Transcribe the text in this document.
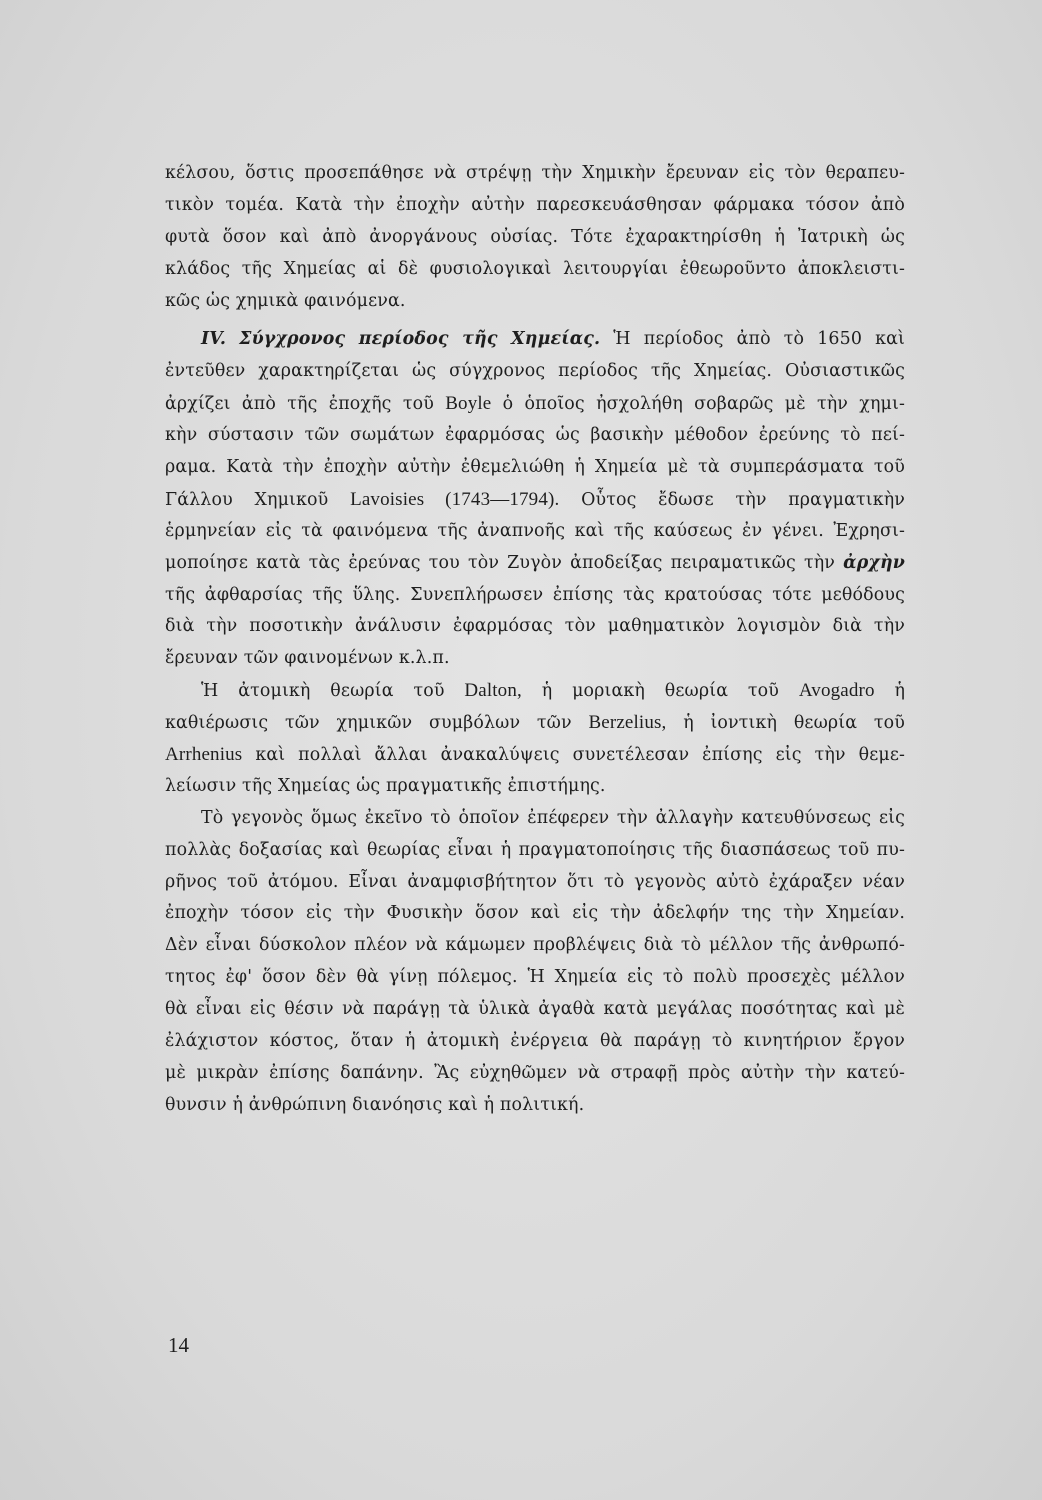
κέλσου, ὅστις προσεπάθησε νὰ στρέψῃ τὴν Χημικὴν ἔρευναν εἰς τὸν θεραπευ-
τικὸν τομέα. Κατὰ τὴν ἐποχὴν αὐτὴν παρεσκευάσθησαν φάρμακα τόσον ἀπὸ
φυτὰ ὅσον καὶ ἀπὸ ἀνοργάνους οὐσίας. Τότε ἐχαρακτηρίσθη ἡ Ἰατρικὴ ὡς
κλάδος τῆς Χημείας αἱ δὲ φυσιολογικαὶ λειτουργίαι ἐθεωροῦντο ἀποκλειστι-
κῶς ὡς χημικὰ φαινόμενα.
IV. Σύγχρονος περίοδος τῆς Χημείας. Ἡ περίοδος ἀπὸ τὸ 1650 καὶ
ἐντεῦθεν χαρακτηρίζεται ὡς σύγχρονος περίοδος τῆς Χημείας. Οὐσιαστικῶς
ἀρχίζει ἀπὸ τῆς ἐποχῆς τοῦ Boyle ὁ ὁποῖος ἠσχολήθη σοβαρῶς μὲ τὴν χημι-
κὴν σύστασιν τῶν σωμάτων ἐφαρμόσας ὡς βασικὴν μέθοδον ἐρεύνης τὸ πεί-
ραμα. Κατὰ τὴν ἐποχὴν αὐτὴν ἐθεμελιώθη ἡ Χημεία μὲ τὰ συμπεράσματα τοῦ
Γάλλου Χημικοῦ Lavoisies (1743—1794). Οὗτος ἔδωσε τὴν πραγματικὴν
ἑρμηνείαν εἰς τὰ φαινόμενα τῆς ἀναπνοῆς καὶ τῆς καύσεως ἐν γένει. Ἐχρησι-
μοποίησε κατὰ τὰς ἐρεύνας του τὸν Ζυγὸν ἀποδείξας πειραματικῶς τὴν ἀρχὴν
τῆς ἀφθαρσίας τῆς ὕλης. Συνεπλήρωσεν ἐπίσης τὰς κρατούσας τότε μεθόδους
διὰ τὴν ποσοτικὴν ἀνάλυσιν ἐφαρμόσας τὸν μαθηματικὸν λογισμὸν διὰ τὴν
ἔρευναν τῶν φαινομένων κ.λ.π.
Ἡ ἀτομικὴ θεωρία τοῦ Dalton, ἡ μοριακὴ θεωρία τοῦ Avogadro ἡ
καθιέρωσις τῶν χημικῶν συμβόλων τῶν Berzelius, ἡ ἰοντικὴ θεωρία τοῦ
Arrhenius καὶ πολλαὶ ἄλλαι ἀνακαλύψεις συνετέλεσαν ἐπίσης εἰς τὴν θεμε-
λείωσιν τῆς Χημείας ὡς πραγματικῆς ἐπιστήμης.
Τὸ γεγονὸς ὅμως ἐκεῖνο τὸ ὁποῖον ἐπέφερεν τὴν ἀλλαγὴν κατευθύνσεως εἰς
πολλὰς δοξασίας καὶ θεωρίας εἶναι ἡ πραγματοποίησις τῆς διασπάσεως τοῦ πυ-
ρῆνος τοῦ ἀτόμου. Εἶναι ἀναμφισβήτητον ὅτι τὸ γεγονὸς αὐτὸ ἐχάραξεν νέαν
ἐποχὴν τόσον εἰς τὴν Φυσικὴν ὅσον καὶ εἰς τὴν ἀδελφήν της τὴν Χημείαν.
Δὲν εἶναι δύσκολον πλέον νὰ κάμωμεν προβλέψεις διὰ τὸ μέλλον τῆς ἀνθρωπό-
τητος ἐφ' ὅσον δὲν θὰ γίνῃ πόλεμος. Ἡ Χημεία εἰς τὸ πολὺ προσεχὲς μέλλον
θὰ εἶναι εἰς θέσιν νὰ παράγῃ τὰ ὑλικὰ ἀγαθὰ κατὰ μεγάλας ποσότητας καὶ μὲ
ἐλάχιστον κόστος, ὅταν ἡ ἀτομικὴ ἐνέργεια θὰ παράγῃ τὸ κινητήριον ἔργον
μὲ μικρὰν ἐπίσης δαπάνην. Ἂς εὐχηθῶμεν νὰ στραφῇ πρὸς αὐτὴν τὴν κατεύ-
θυνσιν ἡ ἀνθρώπινη διανόησις καὶ ἡ πολιτική.
14
